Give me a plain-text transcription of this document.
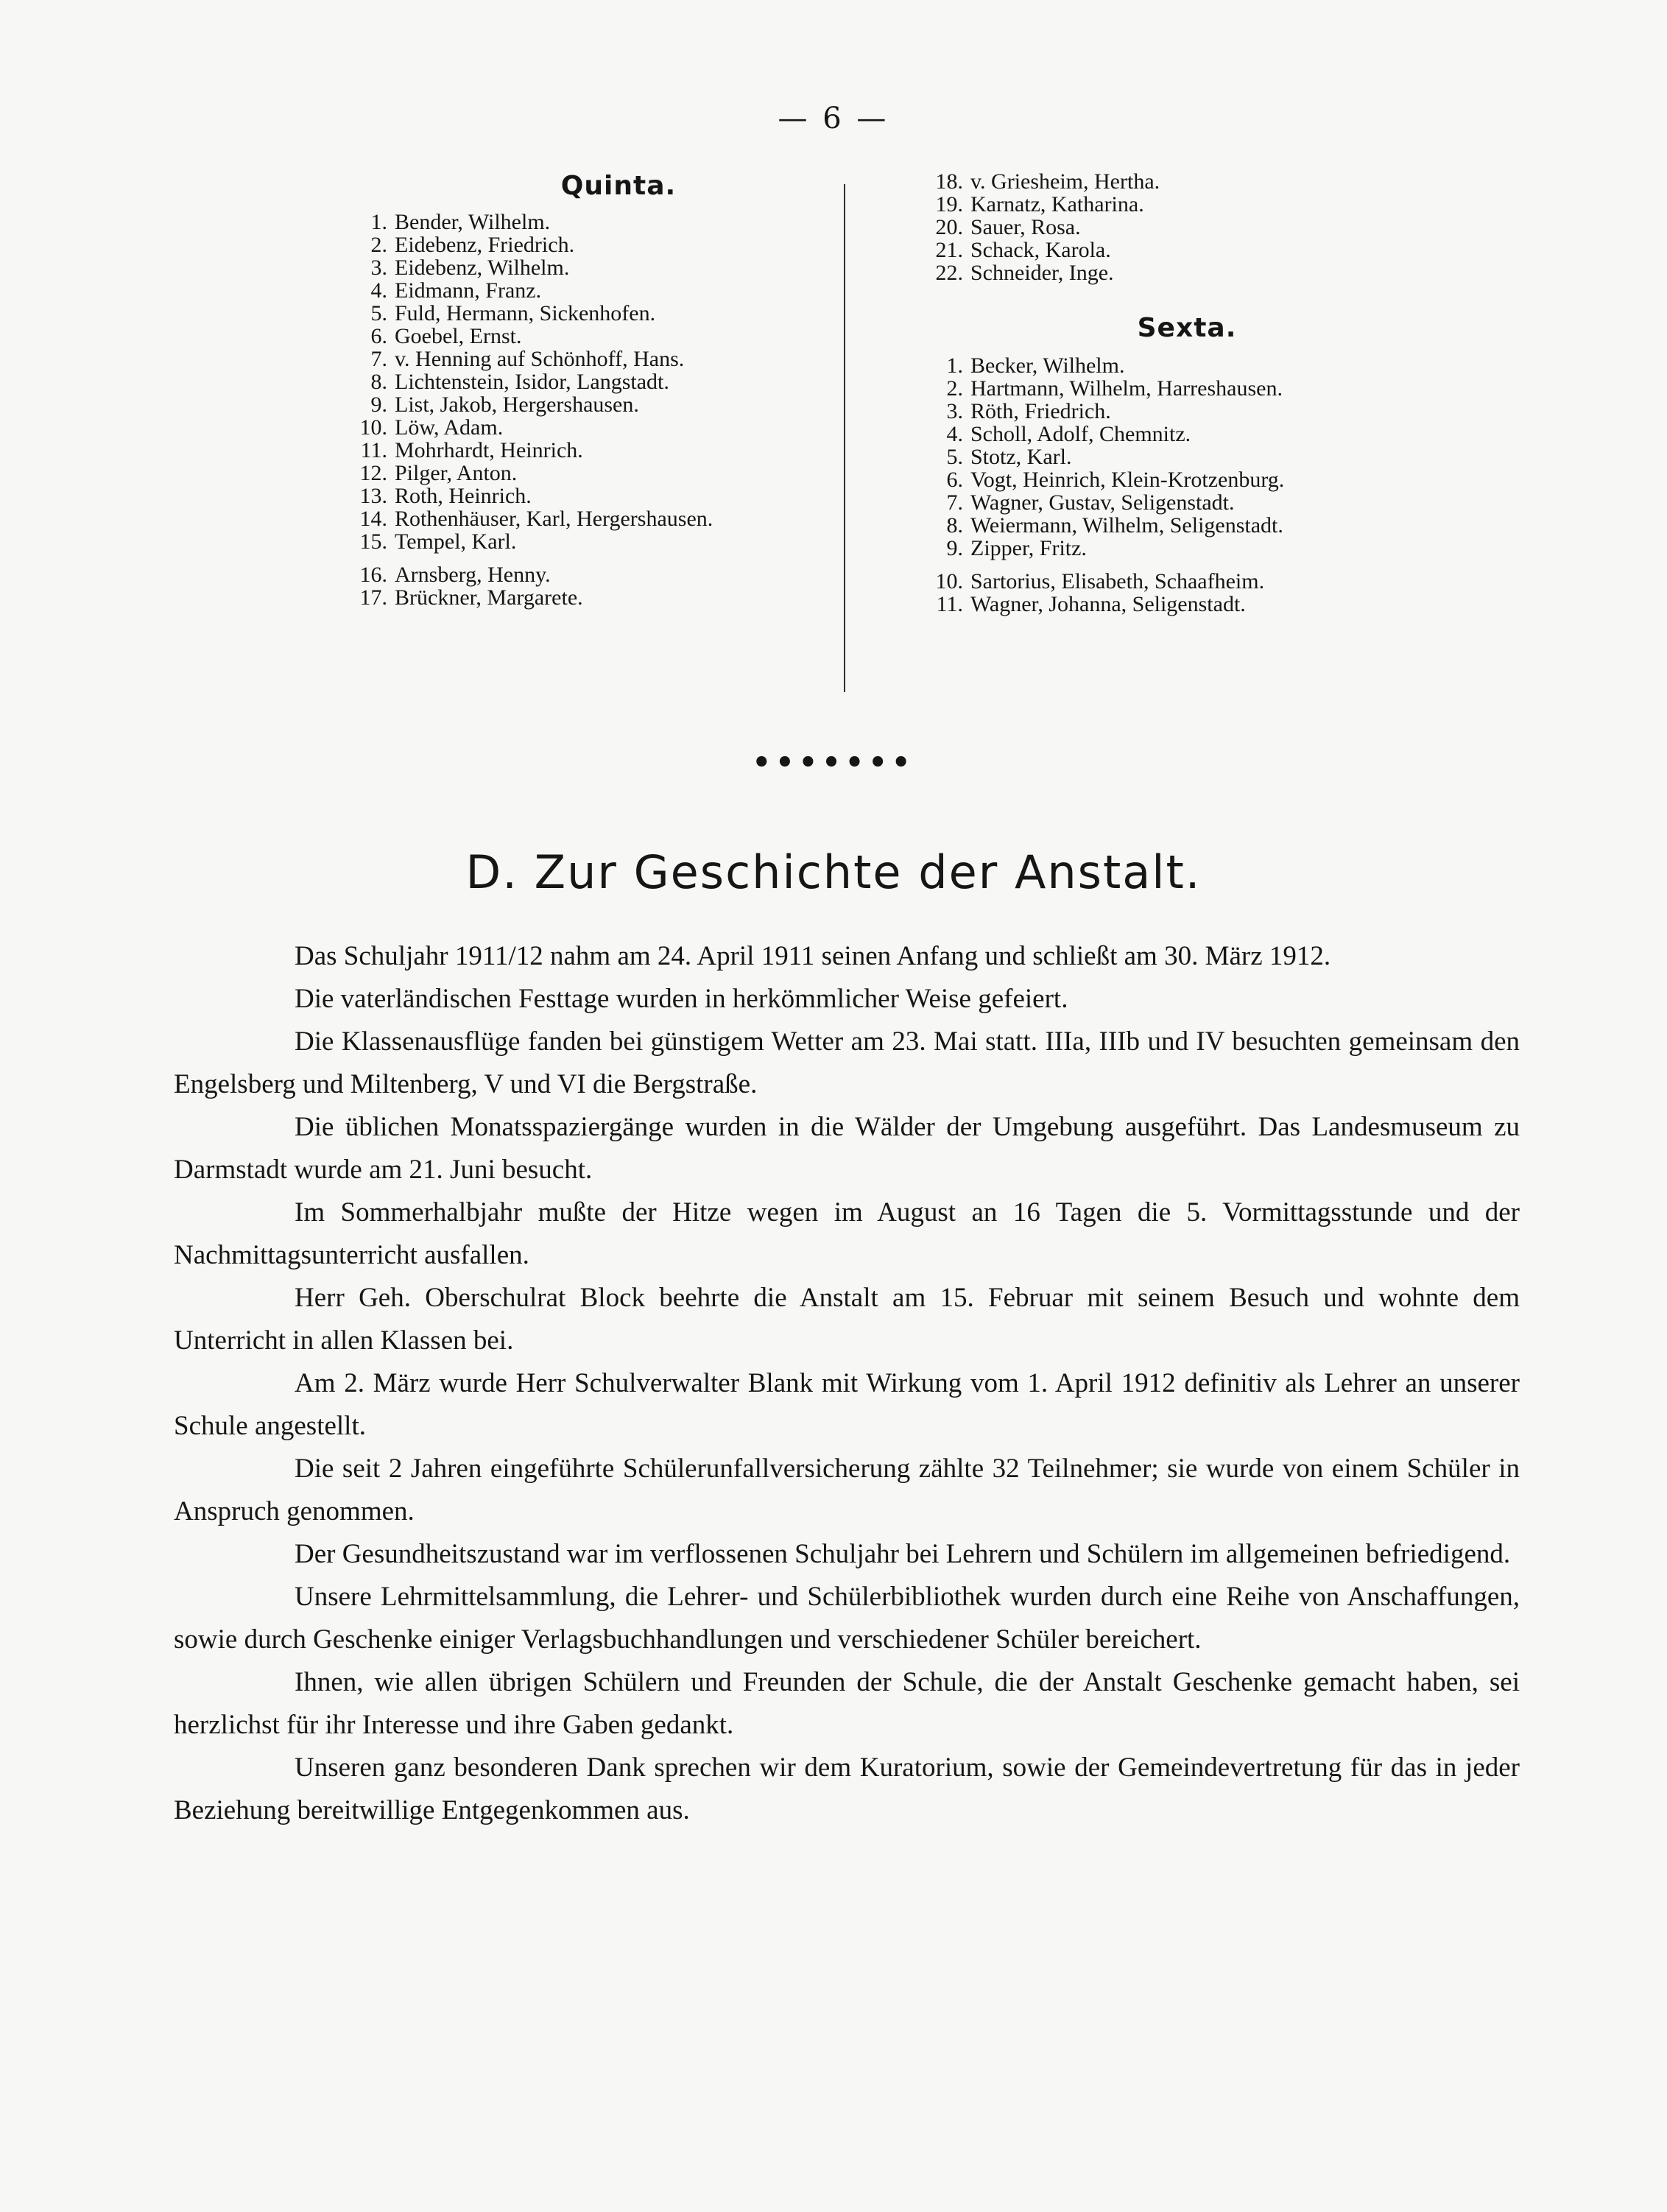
— 6 —
Quinta.
1. Bender, Wilhelm.
2. Eidebenz, Friedrich.
3. Eidebenz, Wilhelm.
4. Eidmann, Franz.
5. Fuld, Hermann, Sickenhofen.
6. Goebel, Ernst.
7. v. Henning auf Schönhoff, Hans.
8. Lichtenstein, Isidor, Langstadt.
9. List, Jakob, Hergershausen.
10. Löw, Adam.
11. Mohrhardt, Heinrich.
12. Pilger, Anton.
13. Roth, Heinrich.
14. Rothenhäuser, Karl, Hergershausen.
15. Tempel, Karl.
16. Arnsberg, Henny.
17. Brückner, Margarete.
18. v. Griesheim, Hertha.
19. Karnatz, Katharina.
20. Sauer, Rosa.
21. Schack, Karola.
22. Schneider, Inge.
Sexta.
1. Becker, Wilhelm.
2. Hartmann, Wilhelm, Harreshausen.
3. Röth, Friedrich.
4. Scholl, Adolf, Chemnitz.
5. Stotz, Karl.
6. Vogt, Heinrich, Klein-Krotzenburg.
7. Wagner, Gustav, Seligenstadt.
8. Weiermann, Wilhelm, Seligenstadt.
9. Zipper, Fritz.
10. Sartorius, Elisabeth, Schaafheim.
11. Wagner, Johanna, Seligenstadt.
•••••••
D. Zur Geschichte der Anstalt.

Das Schuljahr 1911/12 nahm am 24. April 1911 seinen Anfang und schließt am 30. März 1912.

Die vaterländischen Festtage wurden in herkömmlicher Weise gefeiert.

Die Klassenausflüge fanden bei günstigem Wetter am 23. Mai statt. IIIa, IIIb und IV besuchten gemeinsam den Engelsberg und Miltenberg, V und VI die Bergstraße.

Die üblichen Monatsspaziergänge wurden in die Wälder der Umgebung ausgeführt. Das Landesmuseum zu Darmstadt wurde am 21. Juni besucht.

Im Sommerhalbjahr mußte der Hitze wegen im August an 16 Tagen die 5. Vormittagsstunde und der Nachmittagsunterricht ausfallen.

Herr Geh. Oberschulrat Block beehrte die Anstalt am 15. Februar mit seinem Besuch und wohnte dem Unterricht in allen Klassen bei.

Am 2. März wurde Herr Schulverwalter Blank mit Wirkung vom 1. April 1912 definitiv als Lehrer an unserer Schule angestellt.

Die seit 2 Jahren eingeführte Schülerunfallversicherung zählte 32 Teilnehmer; sie wurde von einem Schüler in Anspruch genommen.

Der Gesundheitszustand war im verflossenen Schuljahr bei Lehrern und Schülern im allgemeinen befriedigend.

Unsere Lehrmittelsammlung, die Lehrer- und Schülerbibliothek wurden durch eine Reihe von Anschaffungen, sowie durch Geschenke einiger Verlagsbuchhandlungen und verschiedener Schüler bereichert.

Ihnen, wie allen übrigen Schülern und Freunden der Schule, die der Anstalt Geschenke gemacht haben, sei herzlichst für ihr Interesse und ihre Gaben gedankt.

Unseren ganz besonderen Dank sprechen wir dem Kuratorium, sowie der Gemeindevertretung für das in jeder Beziehung bereitwillige Entgegenkommen aus.
